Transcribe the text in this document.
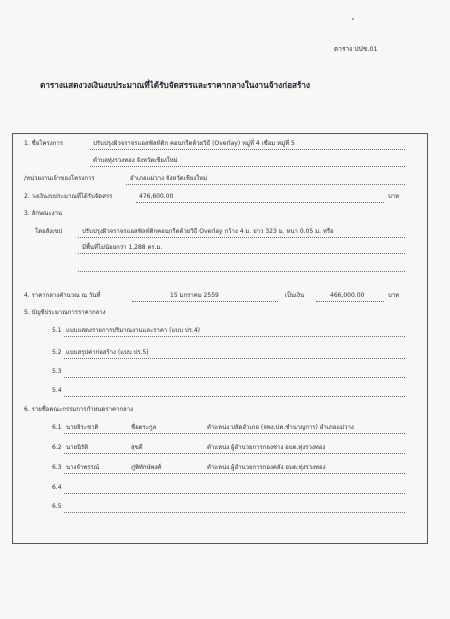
ตาราง ปปช.01
ตารางแสดงวงเงินงบประมาณที่ได้รับจัดสรรและราคากลางในงานจ้างก่อสร้าง
1. ชื่อโครงการ	ปรับปรุงผิวจราจรแอสฟัลท์ติก คอนกรีตด้วยวิธี (Overlay) หมู่ที่ 4 เชื่อม หมู่ที่ 5
ตำบลทุ่งรวงทอง จังหวัดเชียงใหม่
/หน่วยงานเจ้าของโครงการ	อำเภอแม่วาง จังหวัดเชียงใหม่
2. วงเงินงบประมาณที่ได้รับจัดสรร	476,600.00	บาท
3. ลักษณะงาน
โดยสังเขป	ปรับปรุงผิวจราจรแอสฟัลท์ติกคอนกรีตด้วยวิธี Overlay กว้าง 4 ม. ยาว 323 ม. หนา 0.05 ม. หรือ
มีพื้นที่ไม่น้อยกว่า 1,288 ตร.ม.
4. ราคากลางคำนวณ ณ วันที่	15 มกราคม 2559	เป็นเงิน	466,000.00	บาท
5. บัญชีประมาณการราคากลาง
5.1 แบบแสดงรายการปริมาณงานและราคา (แบบ ปร.4)
5.2 แบบสรุปค่าก่อสร้าง (แบบ ปร.5)
5.3
5.4
6. รายชื่อคณะกรรมการกำหนดราคากลาง
6.1 นายจิระชาติ	ชื่อตระกูล	ตำแหน่ง ปลัดอำเภอ (จพง.ปค.ชำนาญการ) อำเภอแม่วาง
6.2 นายนิรัติ	สุขดี	ตำแหน่ง ผู้อำนวยการกองช่าง อบต.ทุ่งรวงทอง
6.3 นางจำพรรณ์	ภู่พิทักษ์พงศ์	ตำแหน่ง ผู้อำนวยการกองคลัง อบต.ทุ่งรวงทอง
6.4
6.5
